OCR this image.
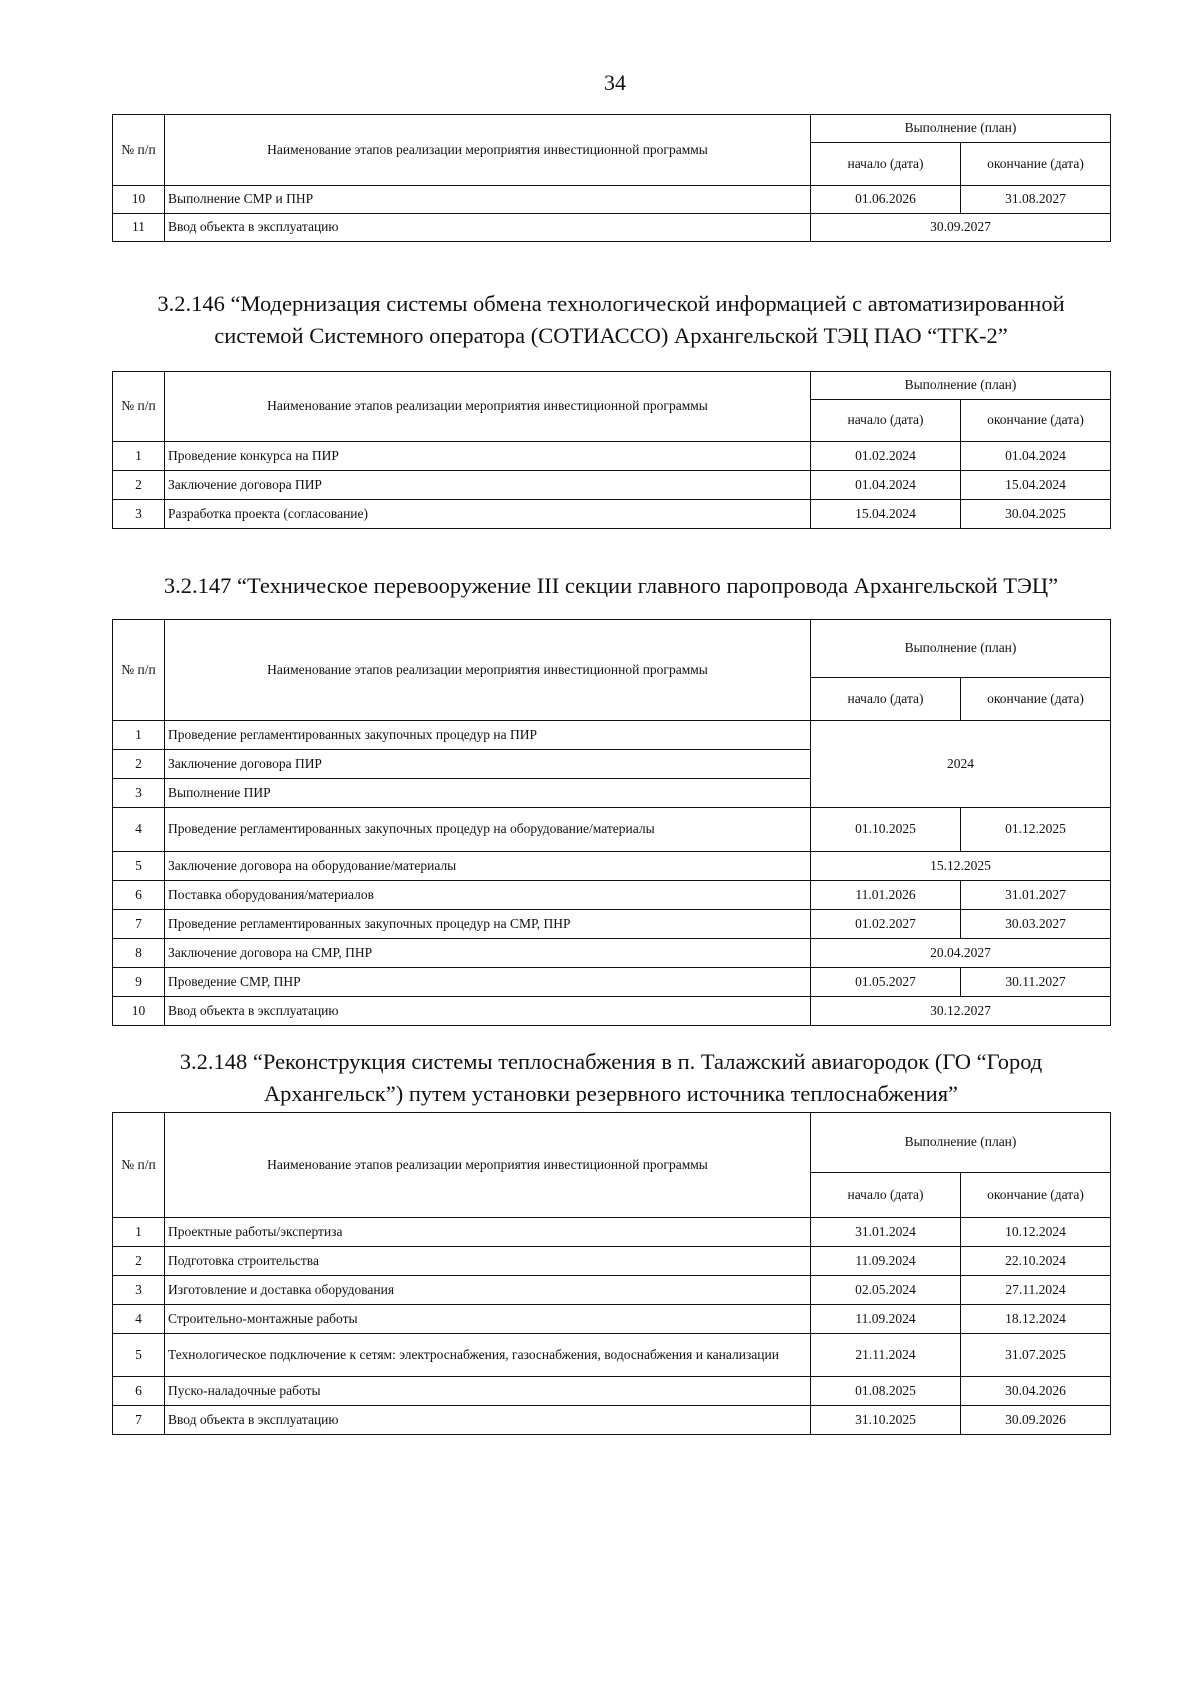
34
№ п/п	Наименование этапов реализации мероприятия инвестиционной программы	Выполнение (план)	
		начало (дата)	окончание (дата)
10	Выполнение СМР и ПНР	01.06.2026	31.08.2027
11	Ввод объекта в эксплуатацию	30.09.2027	
3.2.146 “Модернизация системы обмена технологической информацией с автоматизированной
системой Системного оператора (СОТИАССО) Архангельской ТЭЦ ПАО “ТГК-2”
№ п/п	Наименование этапов реализации мероприятия инвестиционной программы	Выполнение (план)	
		начало (дата)	окончание (дата)
1	Проведение конкурса на ПИР	01.02.2024	01.04.2024
2	Заключение договора ПИР	01.04.2024	15.04.2024
3	Разработка проекта (согласование)	15.04.2024	30.04.2025
3.2.147 “Техническое перевооружение III секции главного паропровода Архангельской ТЭЦ”
№ п/п	Наименование этапов реализации мероприятия инвестиционной программы	Выполнение (план)	
		начало (дата)	окончание (дата)
1	Проведение регламентированных закупочных процедур на ПИР	2024	
2	Заключение договора ПИР		
3	Выполнение ПИР		
4	Проведение регламентированных закупочных процедур на оборудование/материалы	01.10.2025	01.12.2025
5	Заключение договора на оборудование/материалы	15.12.2025	
6	Поставка оборудования/материалов	11.01.2026	31.01.2027
7	Проведение регламентированных закупочных процедур на СМР, ПНР	01.02.2027	30.03.2027
8	Заключение договора на СМР, ПНР	20.04.2027	
9	Проведение СМР, ПНР	01.05.2027	30.11.2027
10	Ввод объекта в эксплуатацию	30.12.2027	
3.2.148 “Реконструкция системы теплоснабжения в п. Талажский авиагородок (ГО “Город
Архангельск”) путем установки резервного источника теплоснабжения”
№ п/п	Наименование этапов реализации мероприятия инвестиционной программы	Выполнение (план)	
		начало (дата)	окончание (дата)
1	Проектные работы/экспертиза	31.01.2024	10.12.2024
2	Подготовка строительства	11.09.2024	22.10.2024
3	Изготовление и доставка оборудования	02.05.2024	27.11.2024
4	Строительно-монтажные работы	11.09.2024	18.12.2024
5	Технологическое подключение к сетям: электроснабжения, газоснабжения, водоснабжения и канализации	21.11.2024	31.07.2025
6	Пуско-наладочные работы	01.08.2025	30.04.2026
7	Ввод объекта в эксплуатацию	31.10.2025	30.09.2026
